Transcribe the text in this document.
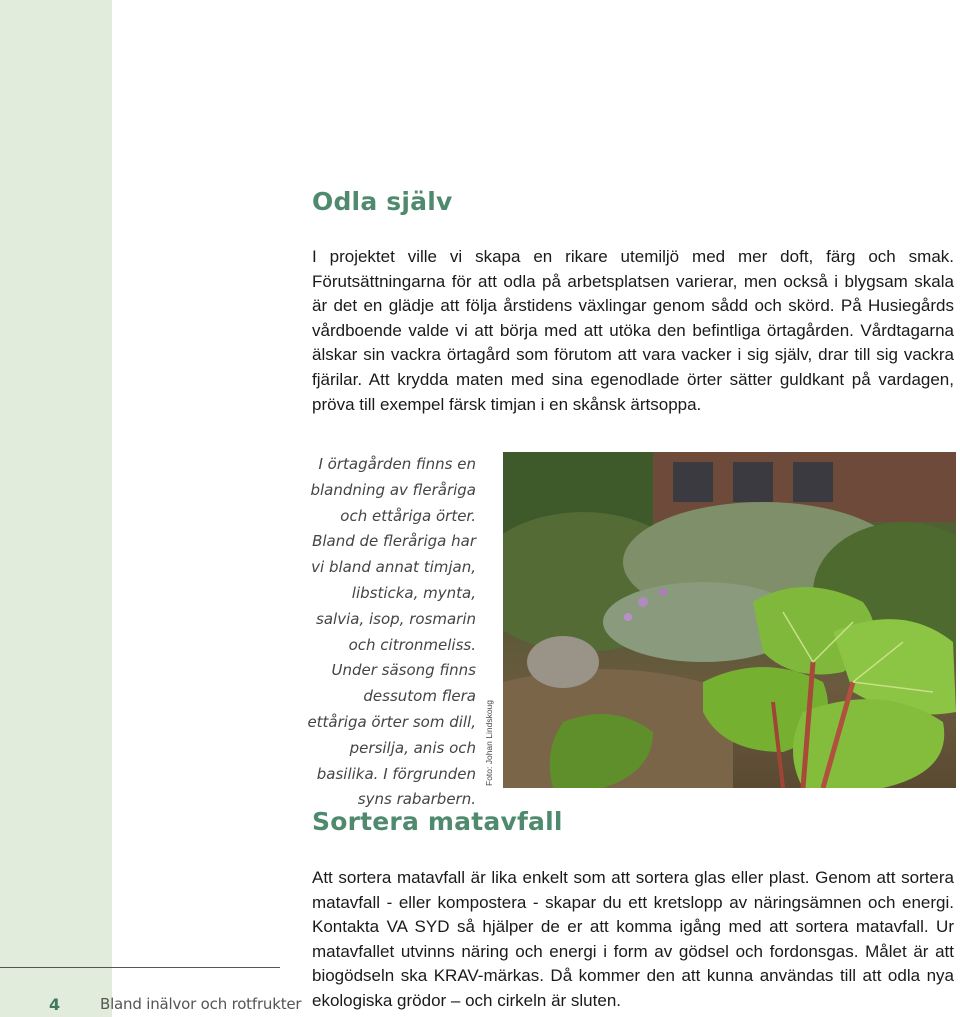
Odla själv

I projektet ville vi skapa en rikare utemiljö med mer doft, färg och smak. Förutsättningarna för att odla på arbetsplatsen varierar, men också i blygsam skala är det en glädje att följa årstidens växlingar genom sådd och skörd. På Husiegårds vårdboende valde vi att börja med att utöka den befintliga örtagården. Vårdtagarna älskar sin vackra örtagård som förutom att vara vacker i sig själv, drar till sig vackra fjärilar. Att krydda maten med sina egenodlade örter sätter guldkant på vardagen, pröva till exempel färsk timjan i en skånsk ärtsoppa.

I örtagården finns en blandning av fleråriga och ettåriga örter. Bland de fleråriga har vi bland annat timjan, libsticka, mynta, salvia, isop, rosmarin och citronmeliss. Under säsong finns dessutom flera ettåriga örter som dill, persilja, anis och basilika. I förgrunden syns rabarbern.

Foto: Johan Lindskoug
Sortera matavfall

Att sortera matavfall är lika enkelt som att sortera glas eller plast. Genom att sortera matavfall - eller kompostera - skapar du ett kretslopp av näringsämnen och energi. Kontakta VA SYD så hjälper de er att komma igång med att sortera matavfall. Ur matavfallet utvinns näring och energi i form av gödsel och fordonsgas. Målet är att biogödseln ska KRAV-märkas. Då kommer den att kunna användas till att odla nya ekologiska grödor – och cirkeln är sluten.

4	Bland inälvor och rotfrukter
